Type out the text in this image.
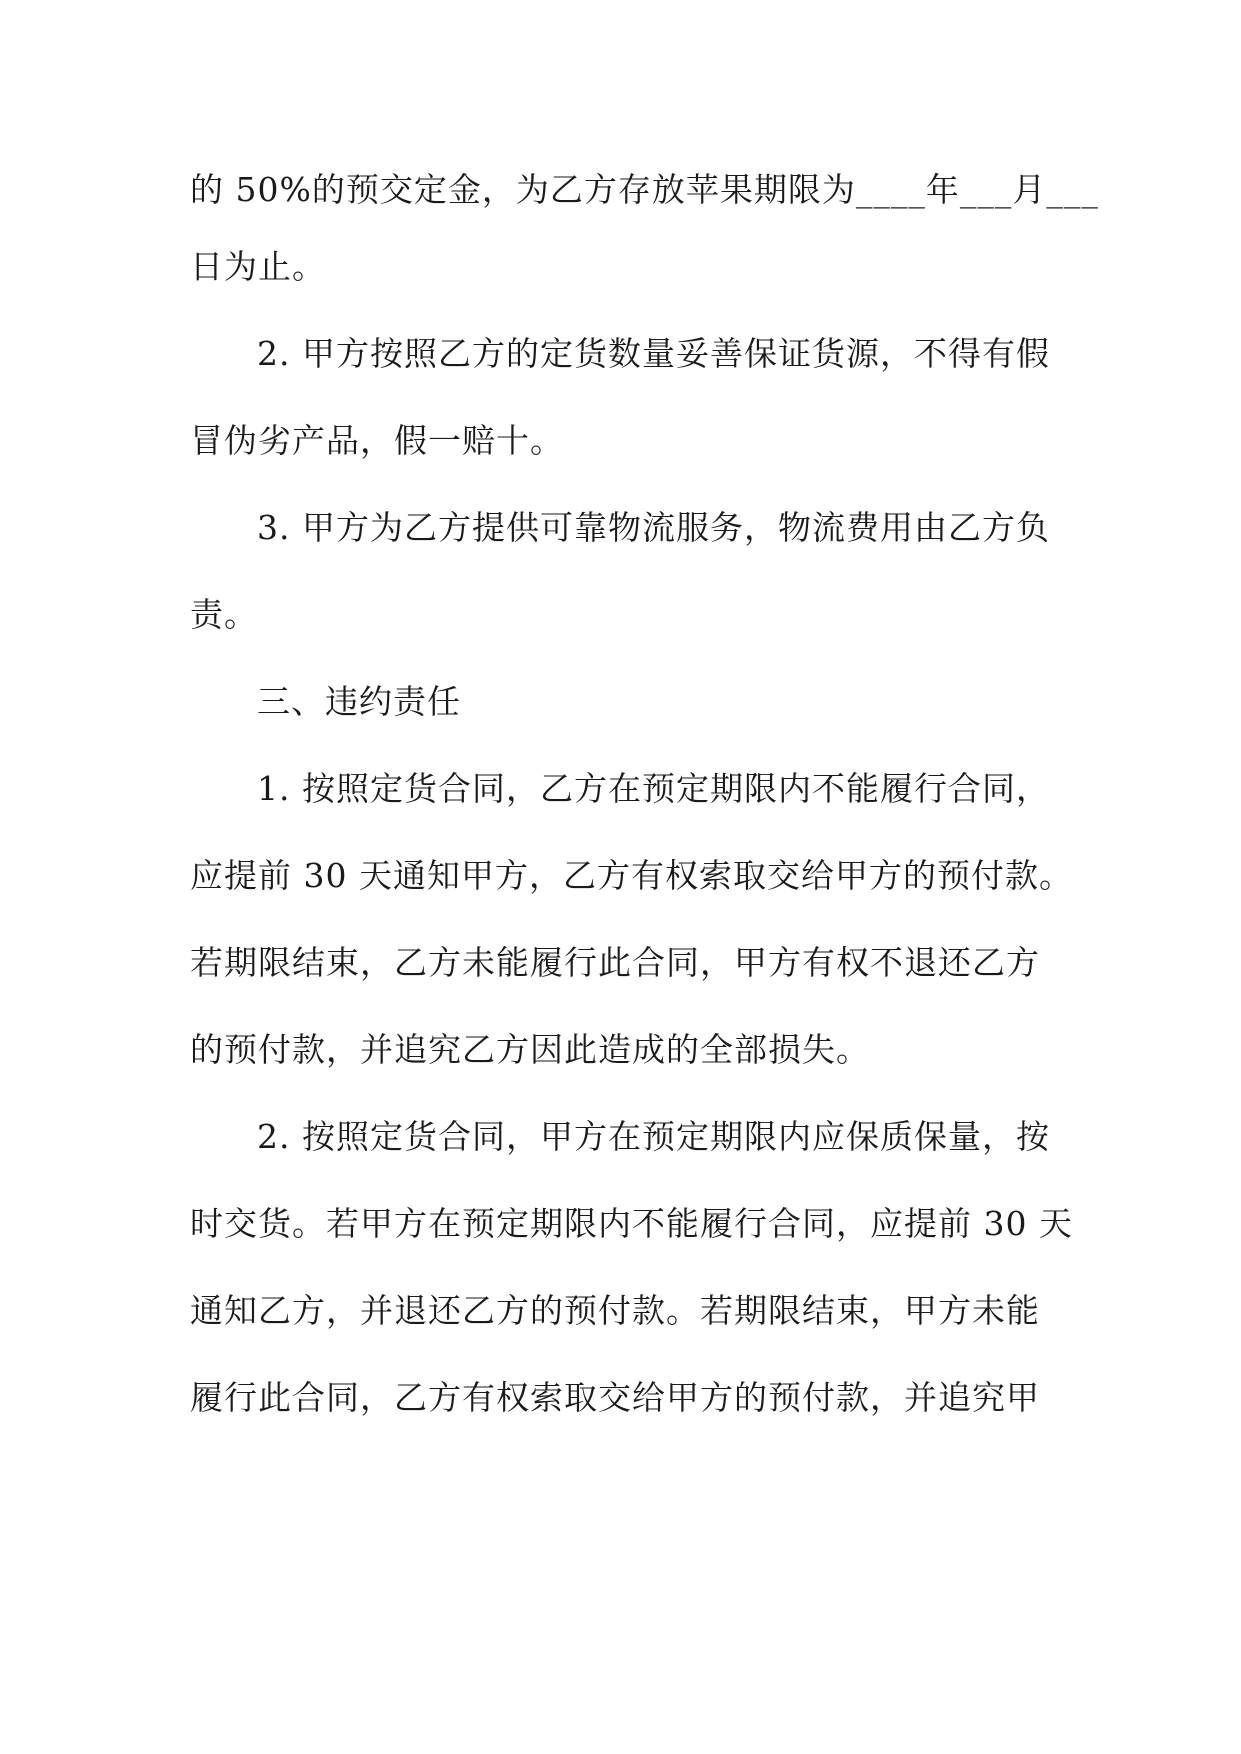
的 50%的预交定金，为乙方存放苹果期限为____年___月___
日为止。
2. 甲方按照乙方的定货数量妥善保证货源，不得有假
冒伪劣产品，假一赔十。
3. 甲方为乙方提供可靠物流服务，物流费用由乙方负
责。
三、违约责任
1. 按照定货合同，乙方在预定期限内不能履行合同，
应提前 30 天通知甲方，乙方有权索取交给甲方的预付款。
若期限结束，乙方未能履行此合同，甲方有权不退还乙方
的预付款，并追究乙方因此造成的全部损失。
2. 按照定货合同，甲方在预定期限内应保质保量，按
时交货。若甲方在预定期限内不能履行合同，应提前 30 天
通知乙方，并退还乙方的预付款。若期限结束，甲方未能
履行此合同，乙方有权索取交给甲方的预付款，并追究甲
